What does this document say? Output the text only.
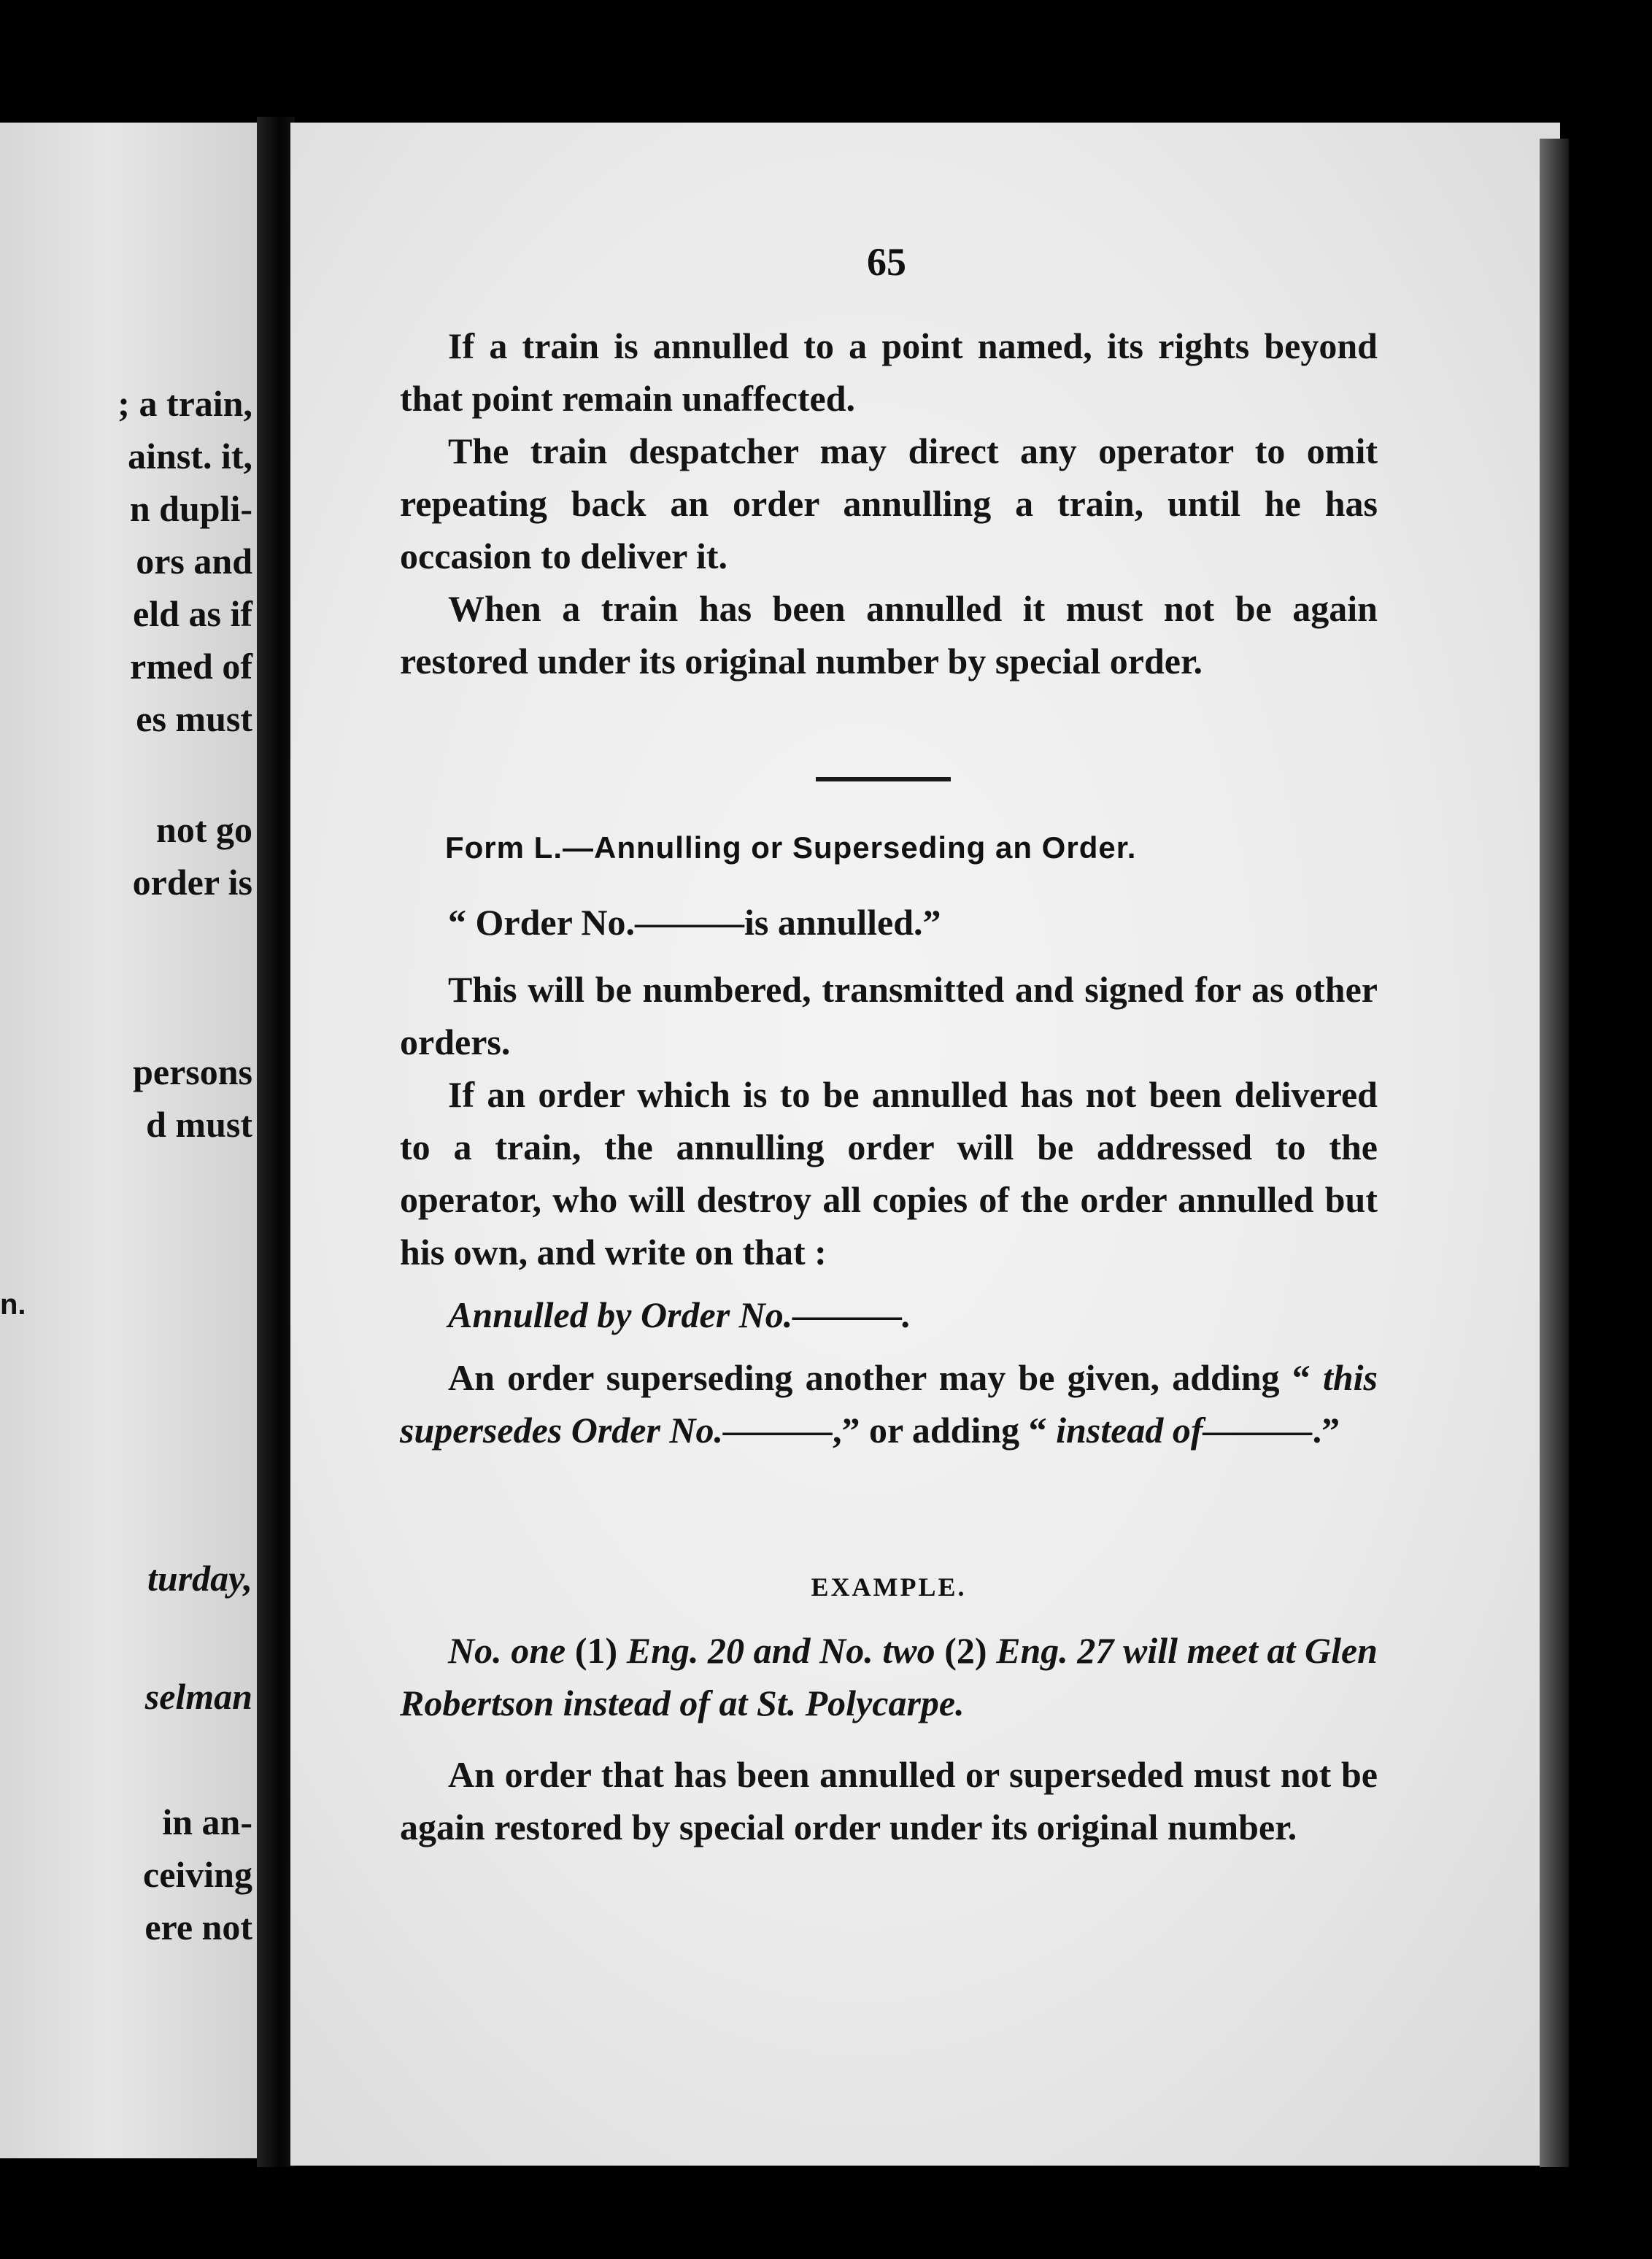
; a train,
ainst. it,
n dupli-
ors and
eld as if
rmed of
es must
not go
order is
persons
d must
n.
turday,
selman
in an-
ceiving
ere not
65

If a train is annulled to a point named, its rights beyond that point remain unaffected.

The train despatcher may direct any operator to omit repeating back an order annulling a train, until he has occasion to deliver it.

When a train has been annulled it must not be again restored under its original number by special order.

Form L.—Annulling or Superseding an Order.

“ Order No.———is annulled.”

This will be numbered, transmitted and signed for as other orders.

If an order which is to be annulled has not been delivered to a train, the annulling order will be addressed to the operator, who will destroy all copies of the order annulled but his own, and write on that :

Annulled by Order No.———.

An order superseding another may be given, adding “ this supersedes Order No.———,” or adding “ instead of———.”

EXAMPLE.

No. one (1) Eng. 20 and No. two (2) Eng. 27 will meet at Glen Robertson instead of at St. Polycarpe.

An order that has been annulled or superseded must not be again restored by special order under its original number.
